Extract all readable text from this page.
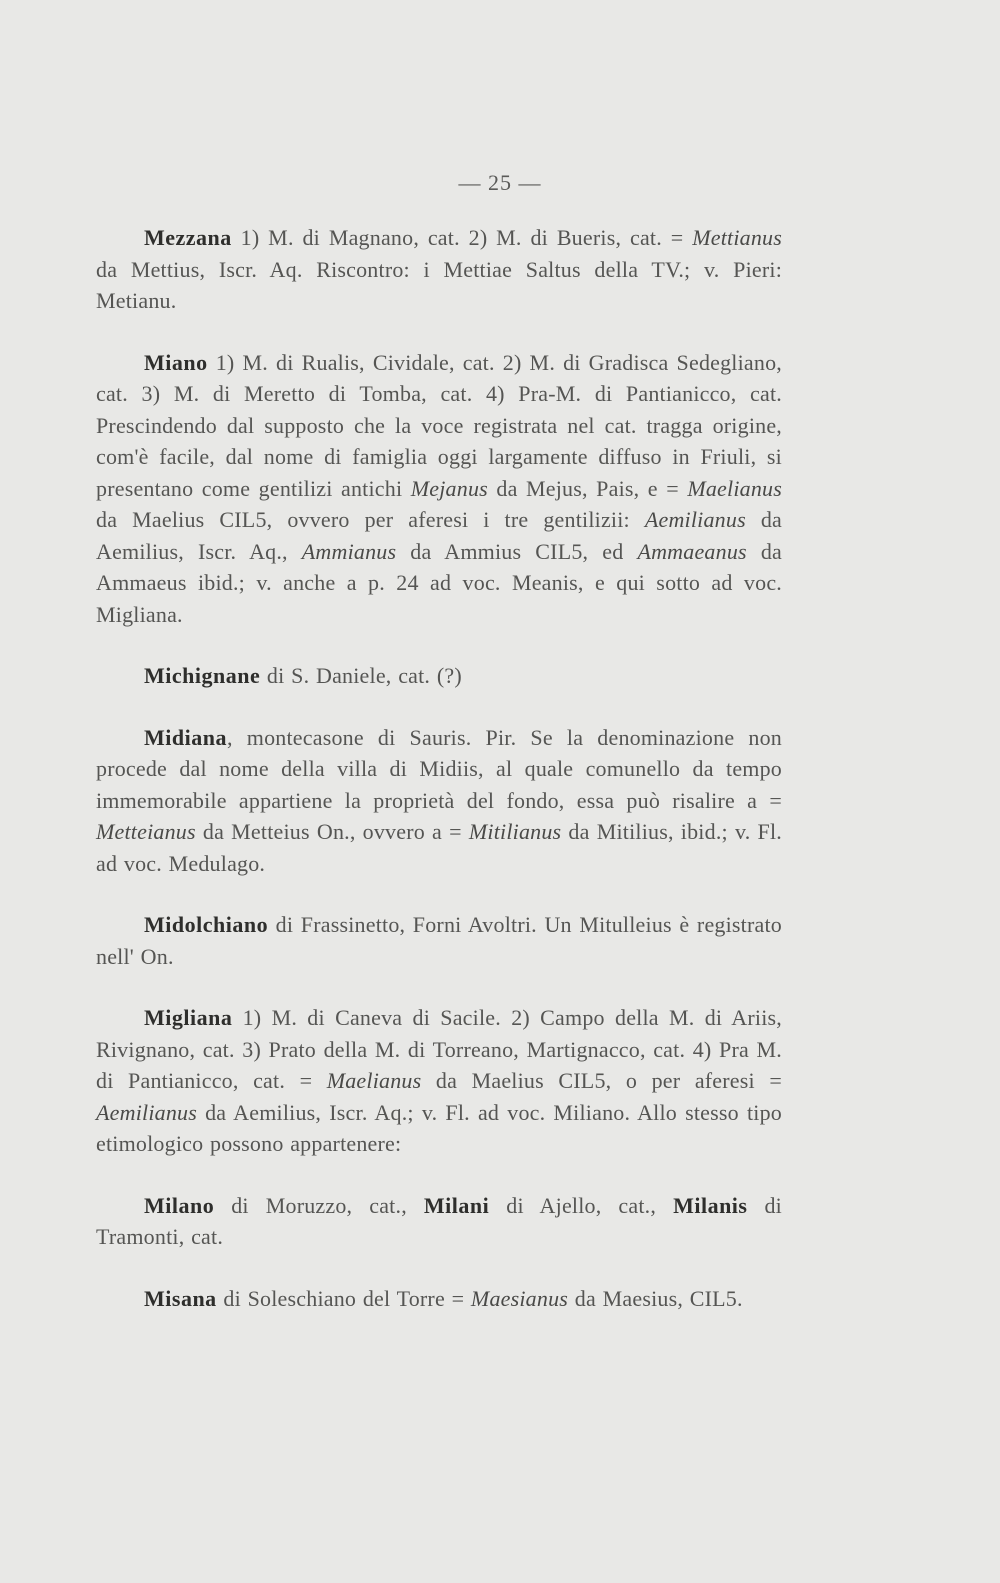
— 25 —

Mezzana 1) M. di Magnano, cat. 2) M. di Bueris, cat. = Mettianus da Mettius, Iscr. Aq. Riscontro: i Mettiae Saltus della TV.; v. Pieri: Metianu.

Miano 1) M. di Rualis, Cividale, cat. 2) M. di Gradisca Sedegliano, cat. 3) M. di Meretto di Tomba, cat. 4) Pra-M. di Pantianicco, cat. Prescindendo dal supposto che la voce registrata nel cat. tragga origine, com'è facile, dal nome di famiglia oggi largamente diffuso in Friuli, si presentano come gentilizi antichi Mejanus da Mejus, Pais, e = Maelianus da Maelius CIL5, ovvero per aferesi i tre gentilizii: Aemilianus da Aemilius, Iscr. Aq., Ammianus da Ammius CIL5, ed Ammaeanus da Ammaeus ibid.; v. anche a p. 24 ad voc. Meanis, e qui sotto ad voc. Migliana.

Michignane di S. Daniele, cat. (?)

Midiana, montecasone di Sauris. Pir. Se la denominazione non procede dal nome della villa di Midiis, al quale comunello da tempo immemorabile appartiene la proprietà del fondo, essa può risalire a = Metteianus da Metteius On., ovvero a = Mitilianus da Mitilius, ibid.; v. Fl. ad voc. Medulago.

Midolchiano di Frassinetto, Forni Avoltri. Un Mitulleius è registrato nell' On.

Migliana 1) M. di Caneva di Sacile. 2) Campo della M. di Ariis, Rivignano, cat. 3) Prato della M. di Torreano, Martignacco, cat. 4) Pra M. di Pantianicco, cat. = Maelianus da Maelius CIL5, o per aferesi = Aemilianus da Aemilius, Iscr. Aq.; v. Fl. ad voc. Miliano. Allo stesso tipo etimologico possono appartenere:

Milano di Moruzzo, cat., Milani di Ajello, cat., Milanis di Tramonti, cat.

Misana di Soleschiano del Torre = Maesianus da Maesius, CIL5.
